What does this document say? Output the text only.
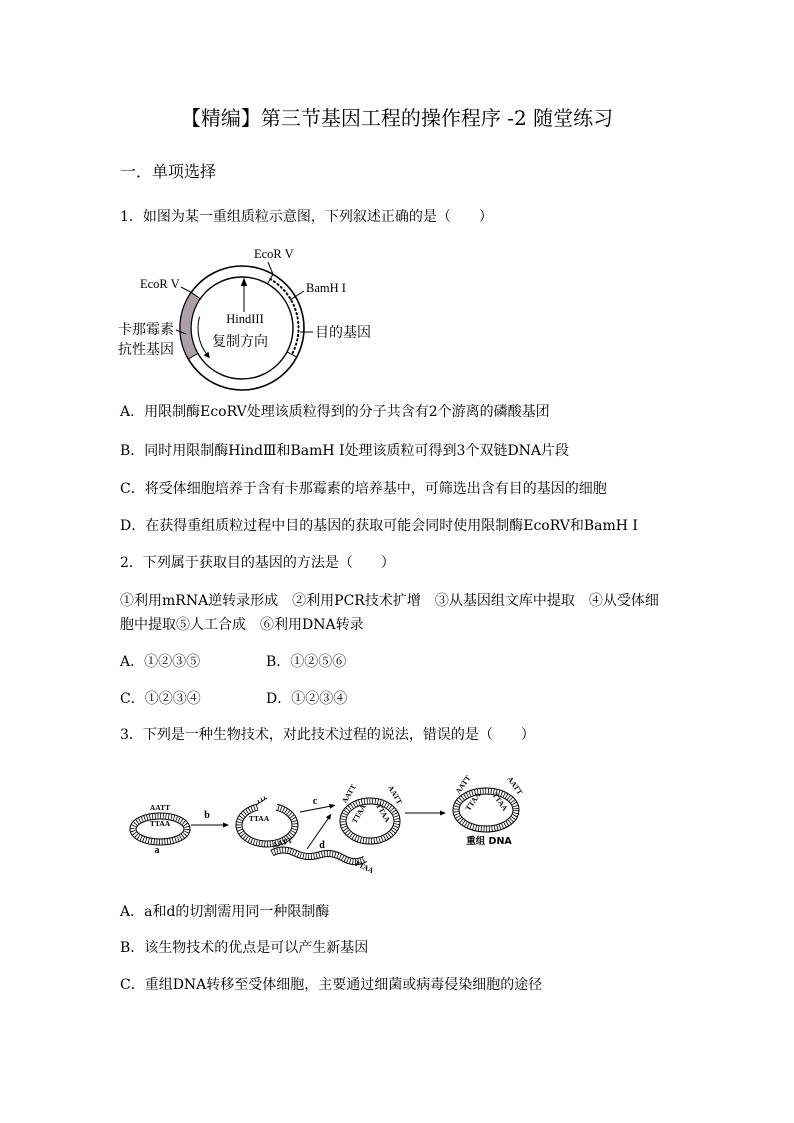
【精编】第三节基因工程的操作程序 -2 随堂练习
一．单项选择
1．如图为某一重组质粒示意图，下列叙述正确的是（　　）
EcoR V
EcoR V	BamH I
HindIII
卡那霉素
抗性基因	复制方向
目的基因
A．用限制酶EcoRV处理该质粒得到的分子共含有2个游离的磷酸基团
B．同时用限制酶HindⅢ和BamH Ⅰ处理该质粒可得到3个双链DNA片段
C．将受体细胞培养于含有卡那霉素的培养基中，可筛选出含有目的基因的细胞
D．在获得重组质粒过程中目的基因的获取可能会同时使用限制酶EcoRV和BamH Ⅰ
2．下列属于获取目的基因的方法是（　　）
①利用mRNA逆转录形成　②利用PCR技术扩增　③从基因组文库中提取　④从受体细
胞中提取⑤人工合成　⑥利用DNA转录
A．①②③⑤	B．①②⑤⑥
C．①②③④	D．①②③④
3．下列是一种生物技术，对此技术过程的说法，错误的是（　　）
AATT
TTAA
a
b	TTAA
c
AATT	d
TTAA
AATT
TTAA
AATT
TTAA
AATT
TTAA
AATT
TTAA
重组 DNA
A．a和d的切割需用同一种限制酶
B．该生物技术的优点是可以产生新基因
C．重组DNA转移至受体细胞，主要通过细菌或病毒侵染细胞的途径
